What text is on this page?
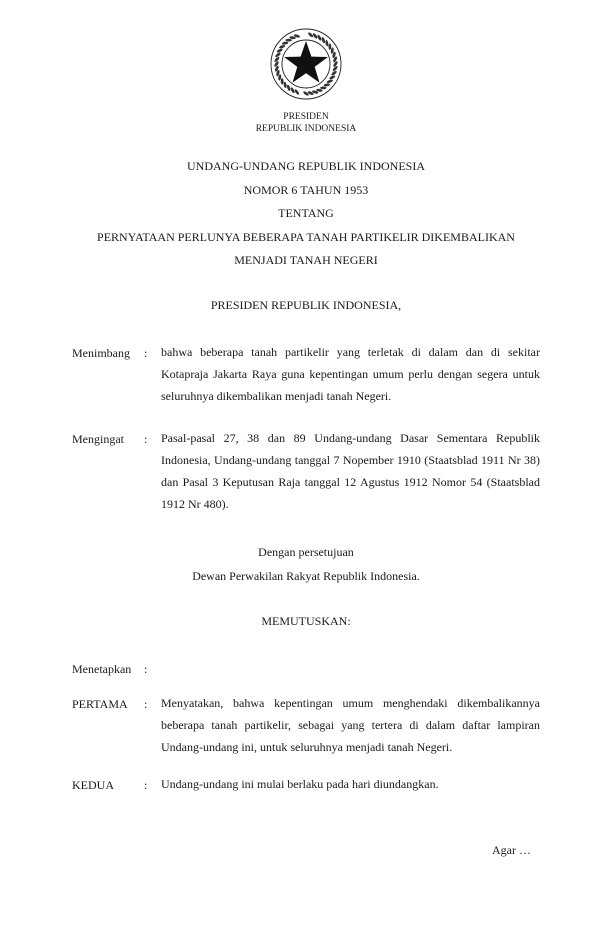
PRESIDEN
REPUBLIK INDONESIA
UNDANG-UNDANG REPUBLIK INDONESIA
NOMOR 6 TAHUN 1953
TENTANG
PERNYATAAN PERLUNYA BEBERAPA TANAH PARTIKELIR DIKEMBALIKAN
MENJADI TANAH NEGERI
PRESIDEN REPUBLIK INDONESIA,
Menimbang : bahwa beberapa tanah partikelir yang terletak di dalam dan di sekitar Kotapraja Jakarta Raya guna kepentingan umum perlu dengan segera untuk seluruhnya dikembalikan menjadi tanah Negeri.
Mengingat : Pasal-pasal 27, 38 dan 89 Undang-undang Dasar Sementara Republik Indonesia, Undang-undang tanggal 7 Nopember 1910 (Staatsblad 1911 Nr 38) dan Pasal 3 Keputusan Raja tanggal 12 Agustus 1912 Nomor 54 (Staatsblad 1912 Nr 480).
Dengan persetujuan
Dewan Perwakilan Rakyat Republik Indonesia.
MEMUTUSKAN:
Menetapkan :
PERTAMA : Menyatakan, bahwa kepentingan umum menghendaki dikembalikannya beberapa tanah partikelir, sebagai yang tertera di dalam daftar lampiran Undang-undang ini, untuk seluruhnya menjadi tanah Negeri.
KEDUA	: Undang-undang ini mulai berlaku pada hari diundangkan.
Agar …
